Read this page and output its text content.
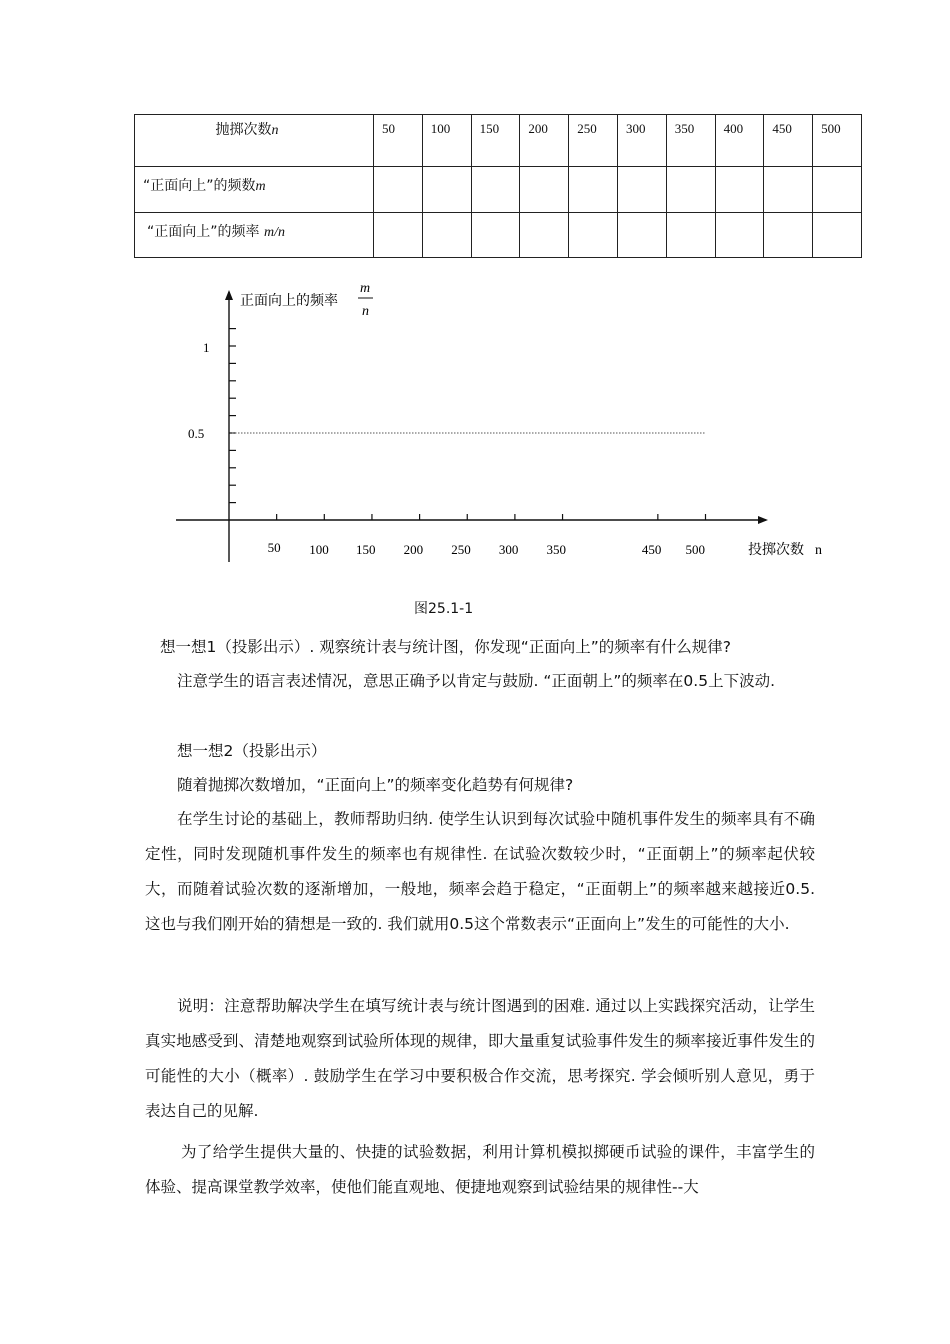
抛掷次数n	50	100	150	200	250	300	350	400	450	500

“正面向上”的频数m										

“正面向上”的频率 m/n										

1
0.5
正面向上的频率
m
n
投掷次数 n
50 100 150 200 250 300 350	450 500
图25.1-1

想一想1（投影出示）. 观察统计表与统计图，你发现“正面向上”的频率有什么规律?

注意学生的语言表述情况，意思正确予以肯定与鼓励. “正面朝上”的频率在0.5上下波动.

想一想2（投影出示）

随着抛掷次数增加，“正面向上”的频率变化趋势有何规律?

在学生讨论的基础上，教师帮助归纳. 使学生认识到每次试验中随机事件发生的频率具有不确定性，同时发现随机事件发生的频率也有规律性. 在试验次数较少时，“正面朝上”的频率起伏较大，而随着试验次数的逐渐增加，一般地，频率会趋于稳定，“正面朝上”的频率越来越接近0.5. 这也与我们刚开始的猜想是一致的. 我们就用0.5这个常数表示“正面向上”发生的可能性的大小.

说明：注意帮助解决学生在填写统计表与统计图遇到的困难. 通过以上实践探究活动，让学生真实地感受到、清楚地观察到试验所体现的规律，即大量重复试验事件发生的频率接近事件发生的可能性的大小（概率）. 鼓励学生在学习中要积极合作交流，思考探究. 学会倾听别人意见，勇于表达自己的见解.

为了给学生提供大量的、快捷的试验数据，利用计算机模拟掷硬币试验的课件，丰富学生的体验、提高课堂教学效率，使他们能直观地、便捷地观察到试验结果的规律性--大
